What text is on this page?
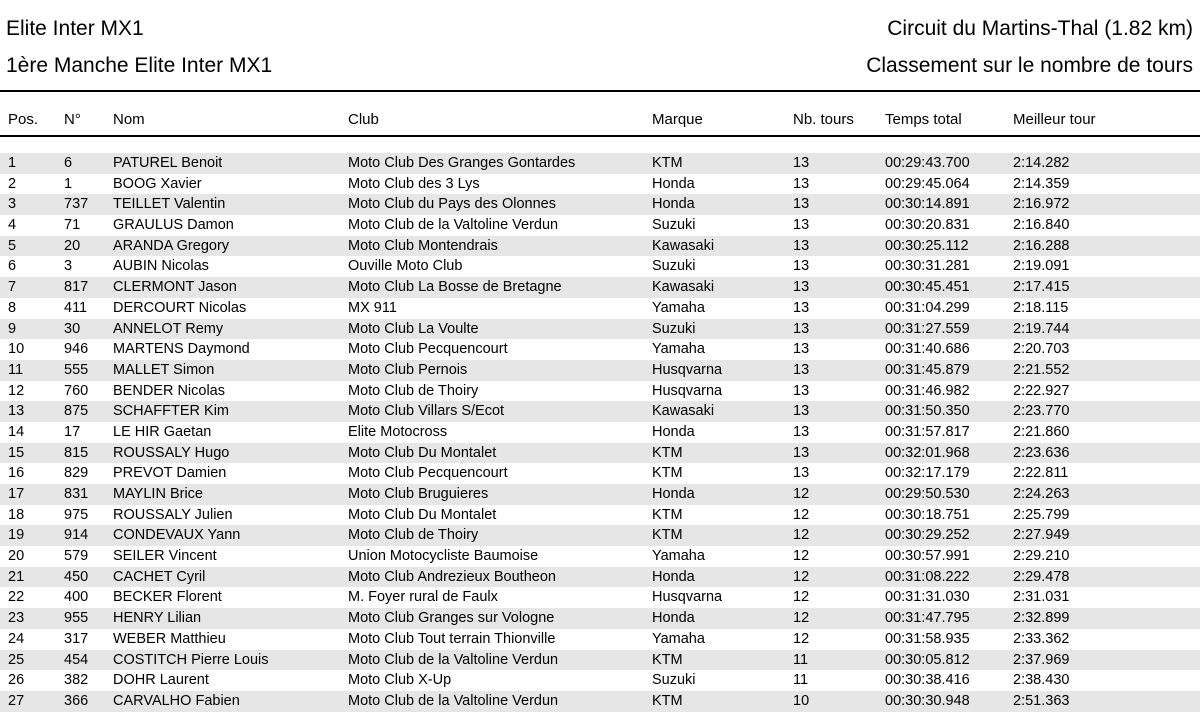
Elite Inter MX1	Circuit du Martins-Thal (1.82 km)
1ère Manche Elite Inter MX1	Classement sur le nombre de tours
Pos. N° Nom	Club	Marque	Nb. tours Temps total	Meilleur tour
1	6	PATUREL Benoit	Moto Club Des Granges Gontardes	KTM	13	00:29:43.700	2:14.282
2	1	BOOG Xavier	Moto Club des 3 Lys	Honda	13	00:29:45.064	2:14.359
3	737 TEILLET Valentin	Moto Club du Pays des Olonnes	Honda	13	00:30:14.891	2:16.972
4	71 GRAULUS Damon	Moto Club de la Valtoline Verdun	Suzuki	13	00:30:20.831	2:16.840
5	20 ARANDA Gregory	Moto Club Montendrais	Kawasaki	13	00:30:25.112	2:16.288
6	3	AUBIN Nicolas	Ouville Moto Club	Suzuki	13	00:30:31.281	2:19.091
7	817 CLERMONT Jason	Moto Club La Bosse de Bretagne	Kawasaki	13	00:30:45.451	2:17.415
8	411 DERCOURT Nicolas	MX 911	Yamaha	13	00:31:04.299	2:18.115
9	30 ANNELOT Remy	Moto Club La Voulte	Suzuki	13	00:31:27.559	2:19.744
10	946 MARTENS Daymond	Moto Club Pecquencourt	Yamaha	13	00:31:40.686	2:20.703
11	555 MALLET Simon	Moto Club Pernois	Husqvarna	13	00:31:45.879	2:21.552
12	760 BENDER Nicolas	Moto Club de Thoiry	Husqvarna	13	00:31:46.982	2:22.927
13	875 SCHAFFTER Kim	Moto Club Villars S/Ecot	Kawasaki	13	00:31:50.350	2:23.770
14	17 LE HIR Gaetan	Elite Motocross	Honda	13	00:31:57.817	2:21.860
15	815 ROUSSALY Hugo	Moto Club Du Montalet	KTM	13	00:32:01.968	2:23.636
16	829 PREVOT Damien	Moto Club Pecquencourt	KTM	13	00:32:17.179	2:22.811
17	831 MAYLIN Brice	Moto Club Bruguieres	Honda	12	00:29:50.530	2:24.263
18	975 ROUSSALY Julien	Moto Club Du Montalet	KTM	12	00:30:18.751	2:25.799
19	914 CONDEVAUX Yann	Moto Club de Thoiry	KTM	12	00:30:29.252	2:27.949
20	579 SEILER Vincent	Union Motocycliste Baumoise	Yamaha	12	00:30:57.991	2:29.210
21	450 CACHET Cyril	Moto Club Andrezieux Boutheon	Honda	12	00:31:08.222	2:29.478
22	400 BECKER Florent	M. Foyer rural de Faulx	Husqvarna	12	00:31:31.030	2:31.031
23	955 HENRY Lilian	Moto Club Granges sur Vologne	Honda	12	00:31:47.795	2:32.899
24	317 WEBER Matthieu	Moto Club Tout terrain Thionville	Yamaha	12	00:31:58.935	2:33.362
25	454 COSTITCH Pierre Louis	Moto Club de la Valtoline Verdun	KTM	11	00:30:05.812	2:37.969
26	382 DOHR Laurent	Moto Club X-Up	Suzuki	11	00:30:38.416	2:38.430
27	366 CARVALHO Fabien	Moto Club de la Valtoline Verdun	KTM	10	00:30:30.948	2:51.363
